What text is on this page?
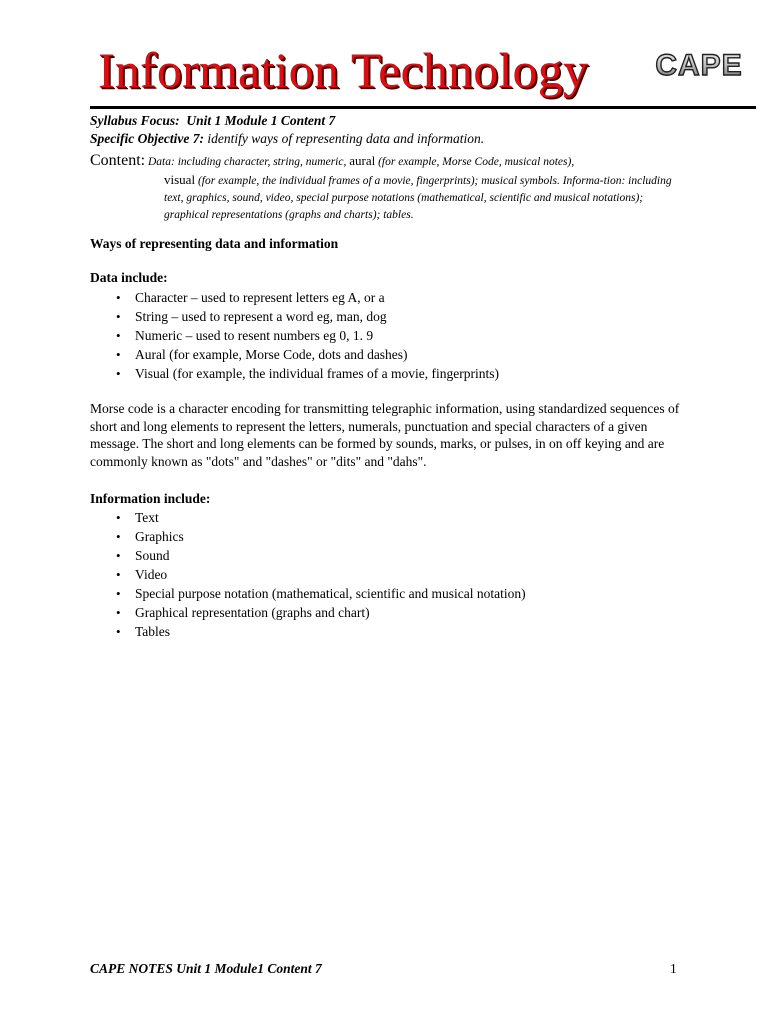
Information Technology CAPE
Syllabus Focus: Unit 1 Module 1 Content 7
Specific Objective 7: identify ways of representing data and information.
Content: Data: including character, string, numeric, aural (for example, Morse Code, musical notes),
visual (for example, the individual frames of a movie, fingerprints); musical symbols. Informa-tion: including text, graphics, sound, video, special purpose notations (mathematical, scientific and musical notations); graphical representations (graphs and charts); tables.
Ways of representing data and information
Data include:
• Character – used to represent letters eg A, or a
• String – used to represent a word eg, man, dog
• Numeric – used to resent numbers eg 0, 1. 9
• Aural (for example, Morse Code, dots and dashes)
• Visual (for example, the individual frames of a movie, fingerprints)
Morse code is a character encoding for transmitting telegraphic information, using standardized sequences of short and long elements to represent the letters, numerals, punctuation and special characters of a given message. The short and long elements can be formed by sounds, marks, or pulses, in on off keying and are commonly known as "dots" and "dashes" or "dits" and "dahs".
Information include:
• Text
• Graphics
• Sound
• Video
• Special purpose notation (mathematical, scientific and musical notation)
• Graphical representation (graphs and chart)
• Tables
CAPE NOTES Unit 1 Module1 Content 7	1
